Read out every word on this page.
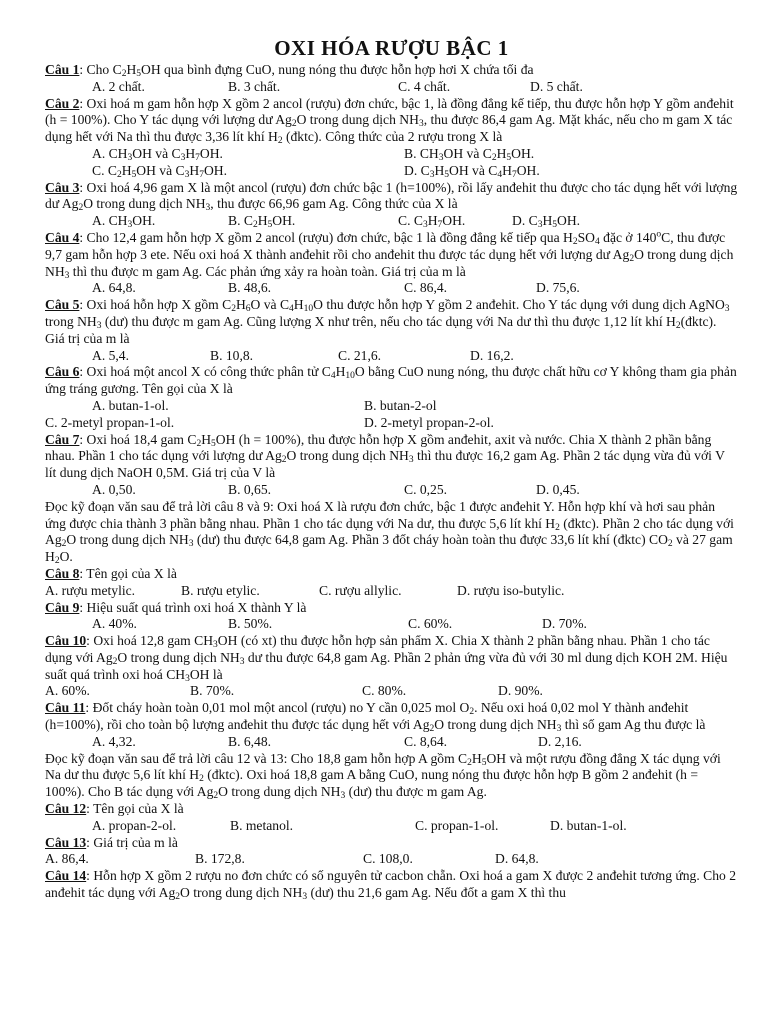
OXI HÓA RƯỢU BẬC 1
Câu 1: Cho $C_2H_5OH$ qua bình đựng CuO, nung nóng thu được hỗn hợp hơi X chứa tối đa
A. 2 chất.	B. 3 chất.	C. 4 chất.	D. 5 chất.
Câu 2: Oxi hoá m gam hỗn hợp X gồm 2 ancol (rượu) đơn chức, bậc 1, là đồng đẳng kế tiếp, thu được hỗn hợp Y gồm anđehit (h = 100%). Cho Y tác dụng với lượng dư $Ag_2O$ trong dung dịch $NH_3$, thu được 86,4 gam Ag. Mặt khác, nếu cho m gam X tác dụng hết với Na thì thu được 3,36 lít khí $H_2$ (đktc). Công thức của 2 rượu trong X là
A. $CH_3OH$ và $C_3H_7OH$.	B. $CH_3OH$ và $C_2H_5OH$.
C. $C_2H_5OH$ và $C_3H_7OH$.	D. $C_3H_5OH$ và $C_4H_7OH$.
Câu 3: Oxi hoá 4,96 gam X là một ancol (rượu) đơn chức bậc 1 (h=100%), rồi lấy anđehit thu được cho tác dụng hết với lượng dư $Ag_2O$ trong dung dịch $NH_3$, thu được 66,96 gam Ag. Công thức của X là
A. $CH_3OH$.	B. $C_2H_5OH$.	C. $C_3H_7OH$.	D. $C_3H_5OH$.
Câu 4: Cho 12,4 gam hỗn hợp X gồm 2 ancol (rượu) đơn chức, bậc 1 là đồng đẳng kế tiếp qua $H_2SO_4$ đặc ở 140$^o$C, thu được 9,7 gam hỗn hợp 3 ete. Nếu oxi hoá X thành anđehit rồi cho anđehit thu được tác dụng hết với lượng dư $Ag_2O$ trong dung dịch $NH_3$ thì thu được m gam Ag. Các phản ứng xảy ra hoàn toàn. Giá trị của m là
A. 64,8.	B. 48,6.	C. 86,4.	D. 75,6.
Câu 5: Oxi hoá hỗn hợp X gồm $C_2H_6O$ và $C_4H_{10}O$ thu được hỗn hợp Y gồm 2 anđehit. Cho Y tác dụng với dung dịch AgNO$_3$ trong $NH_3$ (dư) thu được m gam Ag. Cũng lượng X như trên, nếu cho tác dụng với Na dư thì thu được 1,12 lít khí $H_2(đktc)$. Giá trị của m là
A. 5,4.	B. 10,8.	C. 21,6.	D. 16,2.
Câu 6: Oxi hoá một ancol X có công thức phân tử $C_4H_{10}O$ bằng CuO nung nóng, thu được chất hữu cơ Y không tham gia phản ứng tráng gương. Tên gọi của X là
A. butan-1-ol.	B. butan-2-ol
C. 2-metyl propan-1-ol.	D. 2-metyl propan-2-ol.
Câu 7: Oxi hoá 18,4 gam $C_2H_5OH$ (h = 100%), thu được hỗn hợp X gồm anđehit, axit và nước. Chia X thành 2 phần bằng nhau. Phần 1 cho tác dụng với lượng dư $Ag_2O$ trong dung dịch $NH_3$ thì thu được 16,2 gam Ag. Phần 2 tác dụng vừa đủ với V lít dung dịch NaOH 0,5M. Giá trị của V là
A. 0,50.	B. 0,65.	C. 0,25.	D. 0,45.
Đọc kỹ đoạn văn sau để trả lời câu 8 và 9: Oxi hoá X là rượu đơn chức, bậc 1 được anđehit Y. Hỗn hợp khí và hơi sau phản ứng được chia thành 3 phần bằng nhau. Phần 1 cho tác dụng với Na dư, thu được 5,6 lít khí $H_2$ (đktc). Phần 2 cho tác dụng với $Ag_2O$ trong dung dịch $NH_3$ (dư) thu được 64,8 gam Ag. Phần 3 đốt cháy hoàn toàn thu được 33,6 lít khí (đktc) $CO_2$ và 27 gam $H_2O$.
Câu 8: Tên gọi của X là
A. rượu metylic.	B. rượu etylic.	C. rượu allylic.	D. rượu iso-butylic.
Câu 9: Hiệu suất quá trình oxi hoá X thành Y là
A. 40%.	B. 50%.	C. 60%.	D. 70%.
Câu 10: Oxi hoá 12,8 gam $CH_3OH$ (có xt) thu được hỗn hợp sản phẩm X. Chia X thành 2 phần bằng nhau. Phần 1 cho tác dụng với $Ag_2O$ trong dung dịch $NH_3$ dư thu được 64,8 gam Ag. Phần 2 phản ứng vừa đủ với 30 ml dung dịch KOH 2M. Hiệu suất quá trình oxi hoá $CH_3OH$ là
A. 60%.	B. 70%.	C. 80%.	D. 90%.
Câu 11: Đốt cháy hoàn toàn 0,01 mol một ancol (rượu) no Y cần 0,025 mol $O_2$. Nếu oxi hoá 0,02 mol Y thành anđehit (h=100%), rồi cho toàn bộ lượng anđehit thu được tác dụng hết với $Ag_2O$ trong dung dịch $NH_3$ thì số gam Ag thu được là
A. 4,32.	B. 6,48.	C. 8,64.	D. 2,16.
Đọc kỹ đoạn văn sau để trả lời câu 12 và 13: Cho 18,8 gam hỗn hợp A gồm $C_2H_5OH$ và một rượu đồng đẳng X tác dụng với Na dư thu được 5,6 lít khí $H_2$ (đktc). Oxi hoá 18,8 gam A bằng CuO, nung nóng thu được hỗn hợp B gồm 2 anđehit (h = 100%). Cho B tác dụng với $Ag_2O$ trong dung dịch $NH_3$ (dư) thu được m gam Ag.
Câu 12: Tên gọi của X là
A. propan-2-ol.	B. metanol.	C. propan-1-ol.	D. butan-1-ol.
Câu 13: Giá trị của m là
A. 86,4.	B. 172,8.	C. 108,0.	D. 64,8.
Câu 14: Hỗn hợp X gồm 2 rượu no đơn chức có số nguyên tử cacbon chẵn. Oxi hoá a gam X được 2 anđehit tương ứng. Cho 2 anđehit tác dụng với $Ag_2O$ trong dung dịch $NH_3$ (dư) thu 21,6 gam Ag. Nếu đốt a gam X thì thu
